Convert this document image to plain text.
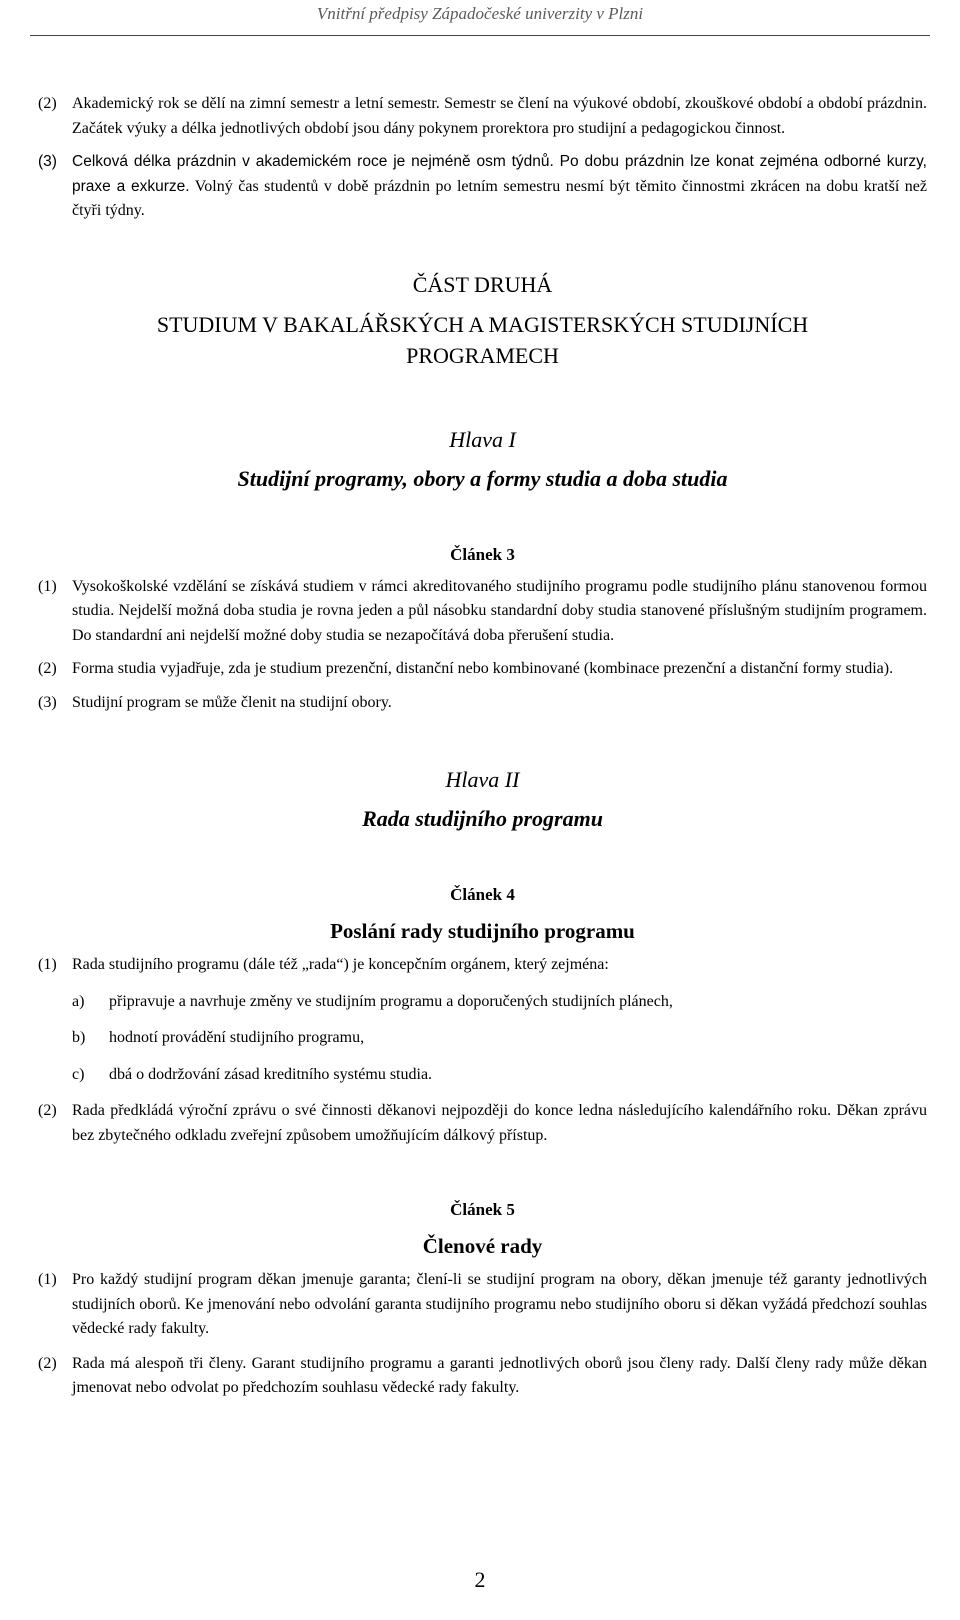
Vnitřní předpisy Západočeské univerzity v Plzni
(2) Akademický rok se dělí na zimní semestr a letní semestr. Semestr se člení na výukové období, zkouškové období a období prázdnin. Začátek výuky a délka jednotlivých období jsou dány pokynem prorektora pro studijní a pedagogickou činnost.

(3) Celková délka prázdnin v akademickém roce je nejméně osm týdnů. Po dobu prázdnin lze konat zejména odborné kurzy, praxe a exkurze. Volný čas studentů v době prázdnin po letním semestru nesmí být těmito činnostmi zkrácen na dobu kratší než čtyři týdny.

ČÁST DRUHÁ
STUDIUM V BAKALÁŘSKÝCH A MAGISTERSKÝCH STUDIJNÍCH PROGRAMECH
Hlava I
Studijní programy, obory a formy studia a doba studia
Článek 3
(1) Vysokoškolské vzdělání se získává studiem v rámci akreditovaného studijního programu podle studijního plánu stanovenou formou studia. Nejdelší možná doba studia je rovna jeden a půl násobku standardní doby studia stanovené příslušným studijním programem. Do standardní ani nejdelší možné doby studia se nezapočítává doba přerušení studia.

(2) Forma studia vyjadřuje, zda je studium prezenční, distanční nebo kombinované (kombinace prezenční a distanční formy studia).

(3) Studijní program se může členit na studijní obory.

Hlava II
Rada studijního programu
Článek 4
Poslání rady studijního programu
(1) Rada studijního programu (dále též „rada“) je koncepčním orgánem, který zejména:

a)	připravuje a navrhuje změny ve studijním programu a doporučených studijních plánech,
b)	hodnotí provádění studijního programu,
c)	dbá o dodržování zásad kreditního systému studia.
(2) Rada předkládá výroční zprávu o své činnosti děkanovi nejpozději do konce ledna následujícího kalendářního roku. Děkan zprávu bez zbytečného odkladu zveřejní způsobem umožňujícím dálkový přístup.

Článek 5
Členové rady
(1) Pro každý studijní program děkan jmenuje garanta; člení-li se studijní program na obory, děkan jmenuje též garanty jednotlivých studijních oborů. Ke jmenování nebo odvolání garanta studijního programu nebo studijního oboru si děkan vyžádá předchozí souhlas vědecké rady fakulty.

(2) Rada má alespoň tři členy. Garant studijního programu a garanti jednotlivých oborů jsou členy rady. Další členy rady může děkan jmenovat nebo odvolat po předchozím souhlasu vědecké rady fakulty.

2
